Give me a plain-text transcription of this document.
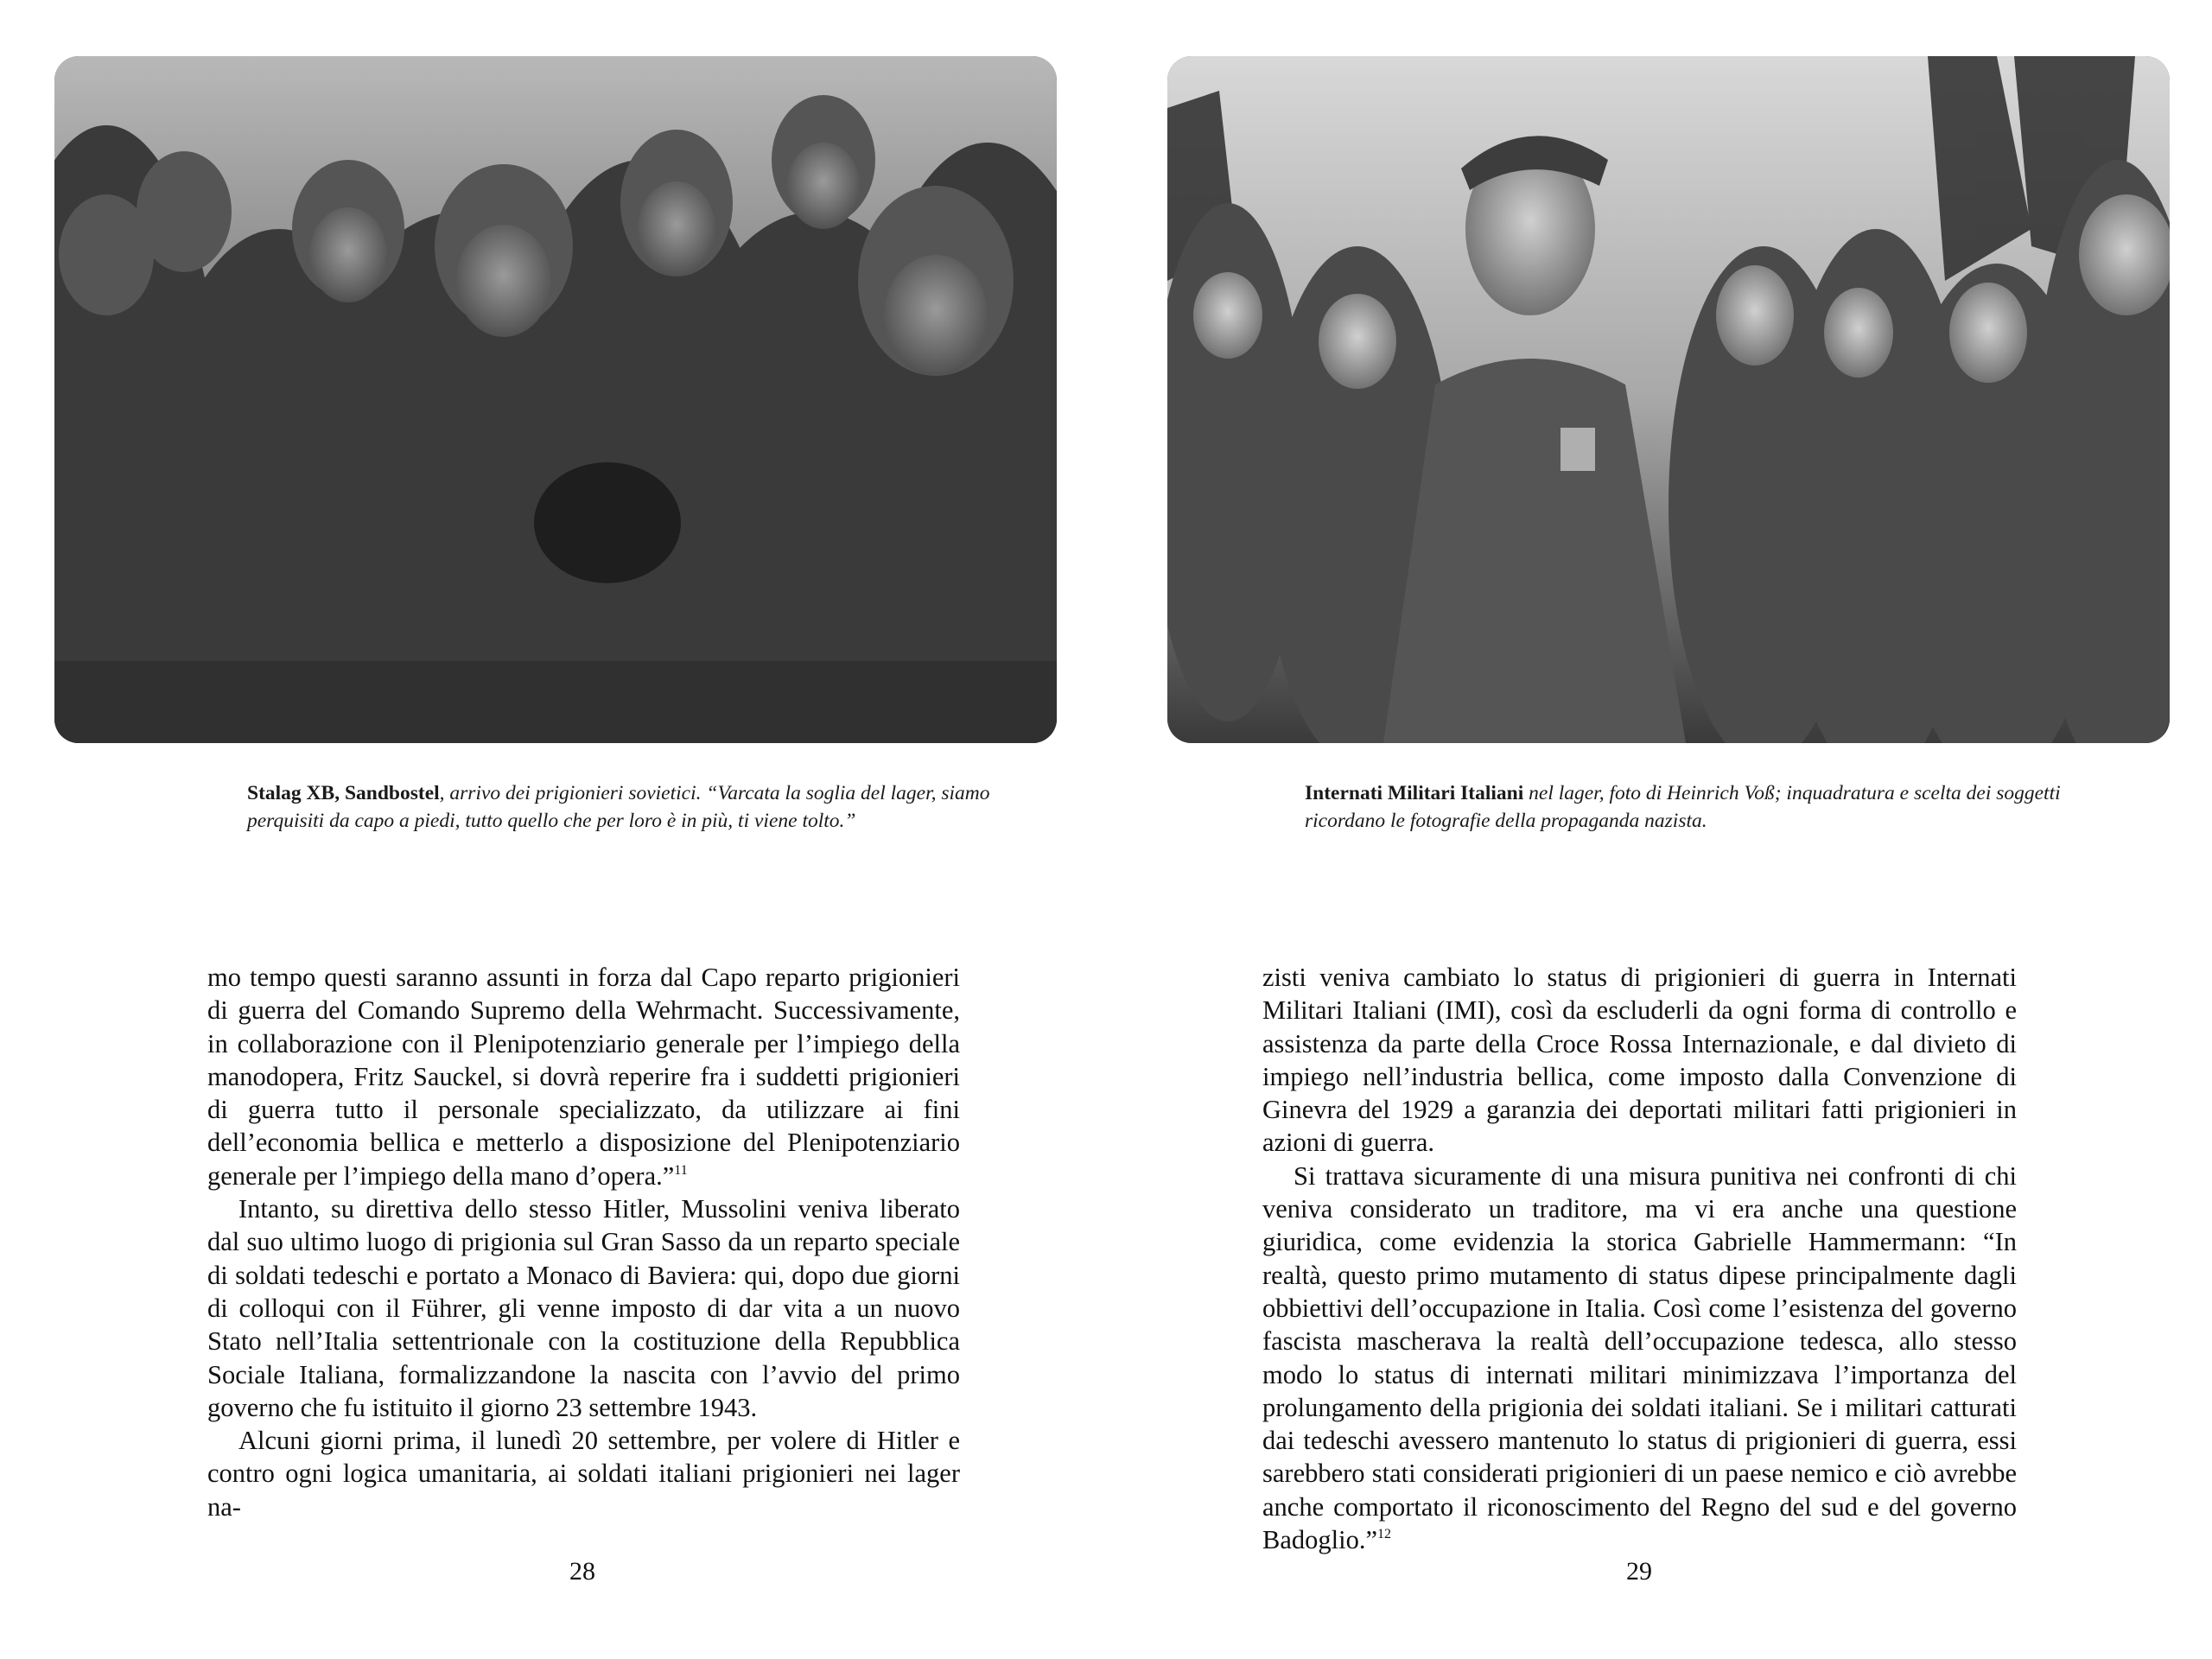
Stalag XB, Sandbostel, arrivo dei prigionieri sovietici. “Varcata la soglia del lager, siamo perquisiti da capo a piedi, tutto quello che per loro è in più, ti viene tolto.”

mo tempo questi saranno assunti in forza dal Capo reparto prigionieri di guerra del Comando Supremo della Wehrmacht. Successivamente, in collaborazione con il Plenipotenziario generale per l’impiego della manodopera, Fritz Sauckel, si dovrà reperire fra i suddetti prigionieri di guerra tutto il personale specializzato, da utilizzare ai fini dell’economia bellica e metterlo a disposizione del Plenipotenziario generale per l’impiego della mano d’opera.”$^{11}$

Intanto, su direttiva dello stesso Hitler, Mussolini veniva liberato dal suo ultimo luogo di prigionia sul Gran Sasso da un reparto speciale di soldati tedeschi e portato a Monaco di Baviera: qui, dopo due giorni di colloqui con il Führer, gli venne imposto di dar vita a un nuovo Stato nell’Italia settentrionale con la costituzione della Repubblica Sociale Italiana, formalizzandone la nascita con l’avvio del primo governo che fu istituito il giorno 23 settembre 1943.

Alcuni giorni prima, il lunedì 20 settembre, per volere di Hitler e contro ogni logica umanitaria, ai soldati italiani prigionieri nei lager na-

28
Internati Militari Italiani nel lager, foto di Heinrich Voß; inquadratura e scelta dei soggetti ricordano le fotografie della propaganda nazista.

zisti veniva cambiato lo status di prigionieri di guerra in Internati Militari Italiani (IMI), così da escluderli da ogni forma di controllo e assistenza da parte della Croce Rossa Internazionale, e dal divieto di impiego nell’industria bellica, come imposto dalla Convenzione di Ginevra del 1929 a garanzia dei deportati militari fatti prigionieri in azioni di guerra.

Si trattava sicuramente di una misura punitiva nei confronti di chi veniva considerato un traditore, ma vi era anche una questione giuridica, come evidenzia la storica Gabrielle Hammermann: “In realtà, questo primo mutamento di status dipese principalmente dagli obbiettivi dell’occupazione in Italia. Così come l’esistenza del governo fascista mascherava la realtà dell’occupazione tedesca, allo stesso modo lo status di internati militari minimizzava l’importanza del prolungamento della prigionia dei soldati italiani. Se i militari catturati dai tedeschi avessero mantenuto lo status di prigionieri di guerra, essi sarebbero stati considerati prigionieri di un paese nemico e ciò avrebbe anche comportato il riconoscimento del Regno del sud e del governo Badoglio.”$^{12}$

29
